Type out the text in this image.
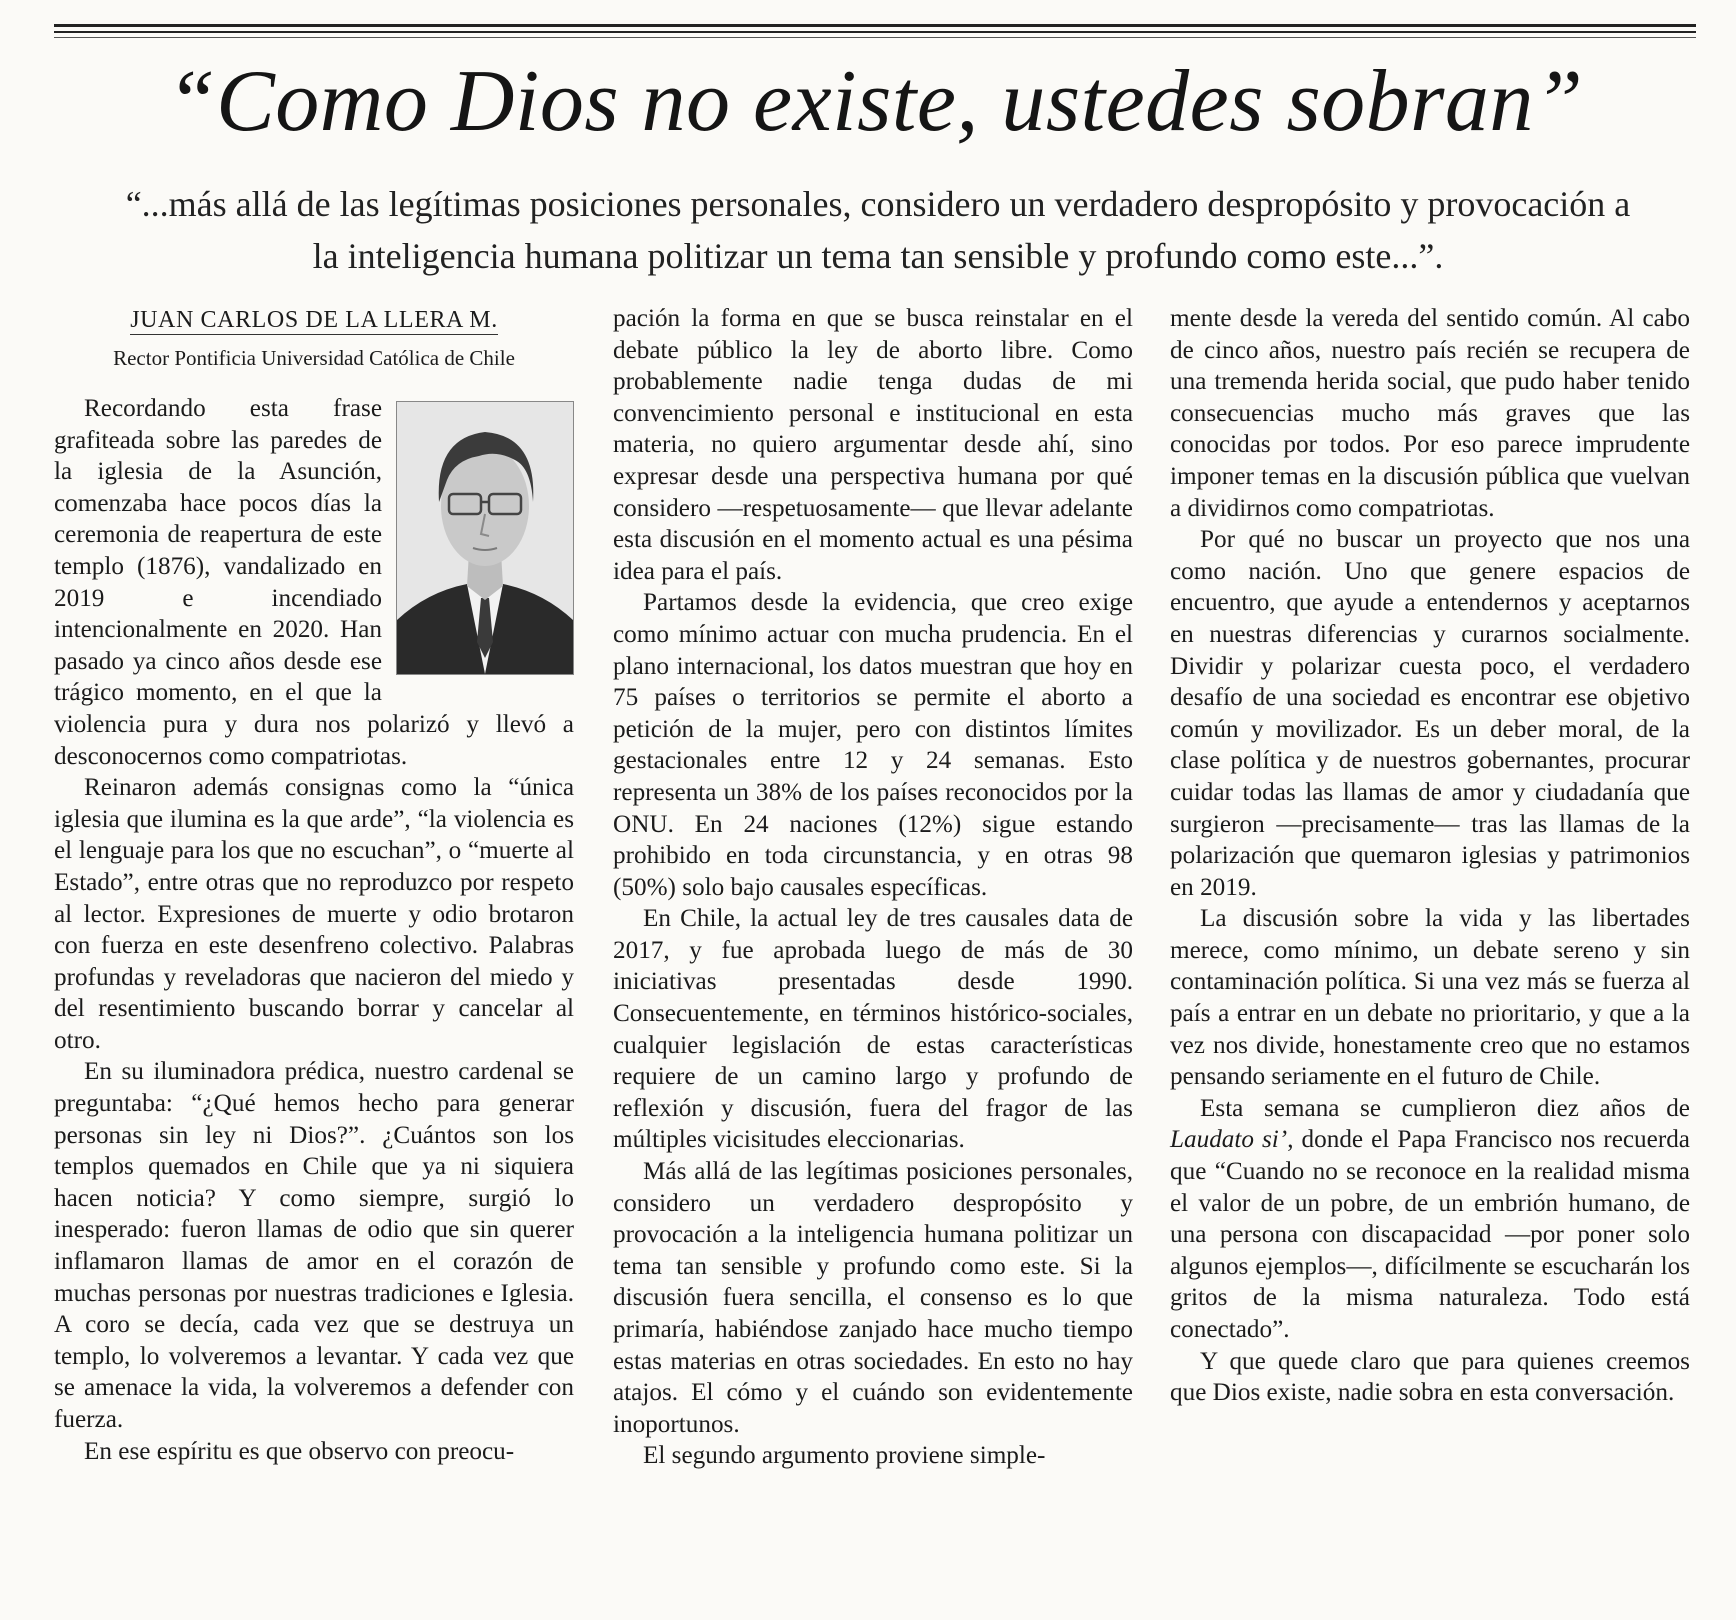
“Como Dios no existe, ustedes sobran”

“...más allá de las legítimas posiciones personales, considero un verdadero despropósito y provocación a la inteligencia humana politizar un tema tan sensible y profundo como este...”.

JUAN CARLOS DE LA LLERA M.
Rector Pontificia Universidad Católica de Chile

Recordando esta frase grafiteada sobre las paredes de la iglesia de la Asunción, comenzaba hace pocos días la ceremonia de reapertura de este templo (1876), vandalizado en 2019 e incendiado intencionalmente en 2020. Han pasado ya cinco años desde ese trágico momento, en el que la violencia pura y dura nos polarizó y llevó a desconocernos como compatriotas.

Reinaron además consignas como la “única iglesia que ilumina es la que arde”, “la violencia es el lenguaje para los que no escuchan”, o “muerte al Estado”, entre otras que no reproduzco por respeto al lector. Expresiones de muerte y odio brotaron con fuerza en este desenfreno colectivo. Palabras profundas y reveladoras que nacieron del miedo y del resentimiento buscando borrar y cancelar al otro.

En su iluminadora prédica, nuestro cardenal se preguntaba: “¿Qué hemos hecho para generar personas sin ley ni Dios?”. ¿Cuántos son los templos quemados en Chile que ya ni siquiera hacen noticia? Y como siempre, surgió lo inesperado: fueron llamas de odio que sin querer inflamaron llamas de amor en el corazón de muchas personas por nuestras tradiciones e Iglesia. A coro se decía, cada vez que se destruya un templo, lo volveremos a levantar. Y cada vez que se amenace la vida, la volveremos a defender con fuerza.

En ese espíritu es que observo con preocu-

pación la forma en que se busca reinstalar en el debate público la ley de aborto libre. Como probablemente nadie tenga dudas de mi convencimiento personal e institucional en esta materia, no quiero argumentar desde ahí, sino expresar desde una perspectiva humana por qué considero —respetuosamente— que llevar adelante esta discusión en el momento actual es una pésima idea para el país.

Partamos desde la evidencia, que creo exige como mínimo actuar con mucha prudencia. En el plano internacional, los datos muestran que hoy en 75 países o territorios se permite el aborto a petición de la mujer, pero con distintos límites gestacionales entre 12 y 24 semanas. Esto representa un 38% de los países reconocidos por la ONU. En 24 naciones (12%) sigue estando prohibido en toda circunstancia, y en otras 98 (50%) solo bajo causales específicas.

En Chile, la actual ley de tres causales data de 2017, y fue aprobada luego de más de 30 iniciativas presentadas desde 1990. Consecuentemente, en términos histórico-sociales, cualquier legislación de estas características requiere de un camino largo y profundo de reflexión y discusión, fuera del fragor de las múltiples vicisitudes eleccionarias.

Más allá de las legítimas posiciones personales, considero un verdadero despropósito y provocación a la inteligencia humana politizar un tema tan sensible y profundo como este. Si la discusión fuera sencilla, el consenso es lo que primaría, habiéndose zanjado hace mucho tiempo estas materias en otras sociedades. En esto no hay atajos. El cómo y el cuándo son evidentemente inoportunos.

El segundo argumento proviene simple-

mente desde la vereda del sentido común. Al cabo de cinco años, nuestro país recién se recupera de una tremenda herida social, que pudo haber tenido consecuencias mucho más graves que las conocidas por todos. Por eso parece imprudente imponer temas en la discusión pública que vuelvan a dividirnos como compatriotas.

Por qué no buscar un proyecto que nos una como nación. Uno que genere espacios de encuentro, que ayude a entendernos y aceptarnos en nuestras diferencias y curarnos socialmente. Dividir y polarizar cuesta poco, el verdadero desafío de una sociedad es encontrar ese objetivo común y movilizador. Es un deber moral, de la clase política y de nuestros gobernantes, procurar cuidar todas las llamas de amor y ciudadanía que surgieron —precisamente— tras las llamas de la polarización que quemaron iglesias y patrimonios en 2019.

La discusión sobre la vida y las libertades merece, como mínimo, un debate sereno y sin contaminación política. Si una vez más se fuerza al país a entrar en un debate no prioritario, y que a la vez nos divide, honestamente creo que no estamos pensando seriamente en el futuro de Chile.

Esta semana se cumplieron diez años de Laudato si’, donde el Papa Francisco nos recuerda que “Cuando no se reconoce en la realidad misma el valor de un pobre, de un embrión humano, de una persona con discapacidad —por poner solo algunos ejemplos—, difícilmente se escucharán los gritos de la misma naturaleza. Todo está conectado”.

Y que quede claro que para quienes creemos que Dios existe, nadie sobra en esta conversación.
